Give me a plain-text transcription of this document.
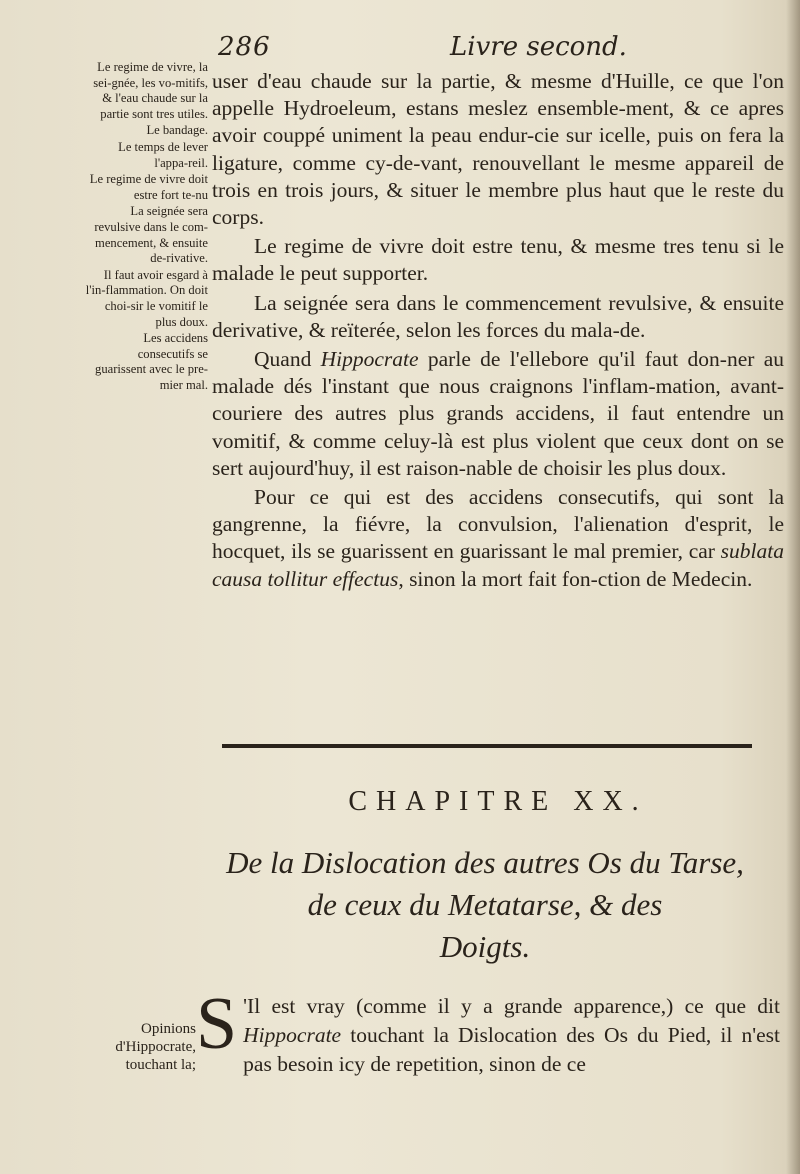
286	Livre second.

Le regime de vivre, la sei-gnée, les vo-mitifs, & l'eau chaude sur la partie sont tres utiles.

Le bandage.

Le temps de lever l'appa-reil.

Le regime de vivre doit estre fort te-nu

La seignée sera revulsive dans le com-mencement, & ensuite de-rivative.

Il faut avoir esgard à l'in-flammation. On doit choi-sir le vomitif le plus doux.

Les accidens consecutifs se guarissent avec le pre-mier mal.

user d'eau chaude sur la partie, & mesme d'Huille, ce que l'on appelle Hydroeleum, estans meslez ensemble-ment, & ce apres avoir couppé uniment la peau endur-cie sur icelle, puis on fera la ligature, comme cy-de-vant, renouvellant le mesme appareil de trois en trois jours, & situer le membre plus haut que le reste du corps.

Le regime de vivre doit estre tenu, & mesme tres tenu si le malade le peut supporter.

La seignée sera dans le commencement revulsive, & ensuite derivative, & reïterée, selon les forces du mala-de.

Quand Hippocrate parle de l'ellebore qu'il faut don-ner au malade dés l'instant que nous craignons l'inflam-mation, avant-couriere des autres plus grands accidens, il faut entendre un vomitif, & comme celuy-là est plus violent que ceux dont on se sert aujourd'huy, il est raison-nable de choisir les plus doux.

Pour ce qui est des accidens consecutifs, qui sont la gangrenne, la fiévre, la convulsion, l'alienation d'esprit, le hocquet, ils se guarissent en guarissant le mal premier, car sublata causa tollitur effectus, sinon la mort fait fon-ction de Medecin.

CHAPITRE XX.
De la Dislocation des autres Os du Tarse,
de ceux du Metatarse, & des
Doigts.
Opinions
d'Hippocrate,
touchant la; S 'Il est vray (comme il y a grande apparence,) ce que dit Hippocrate touchant la Dislocation des Os du Pied, il n'est pas besoin icy de repetition, sinon de ce
